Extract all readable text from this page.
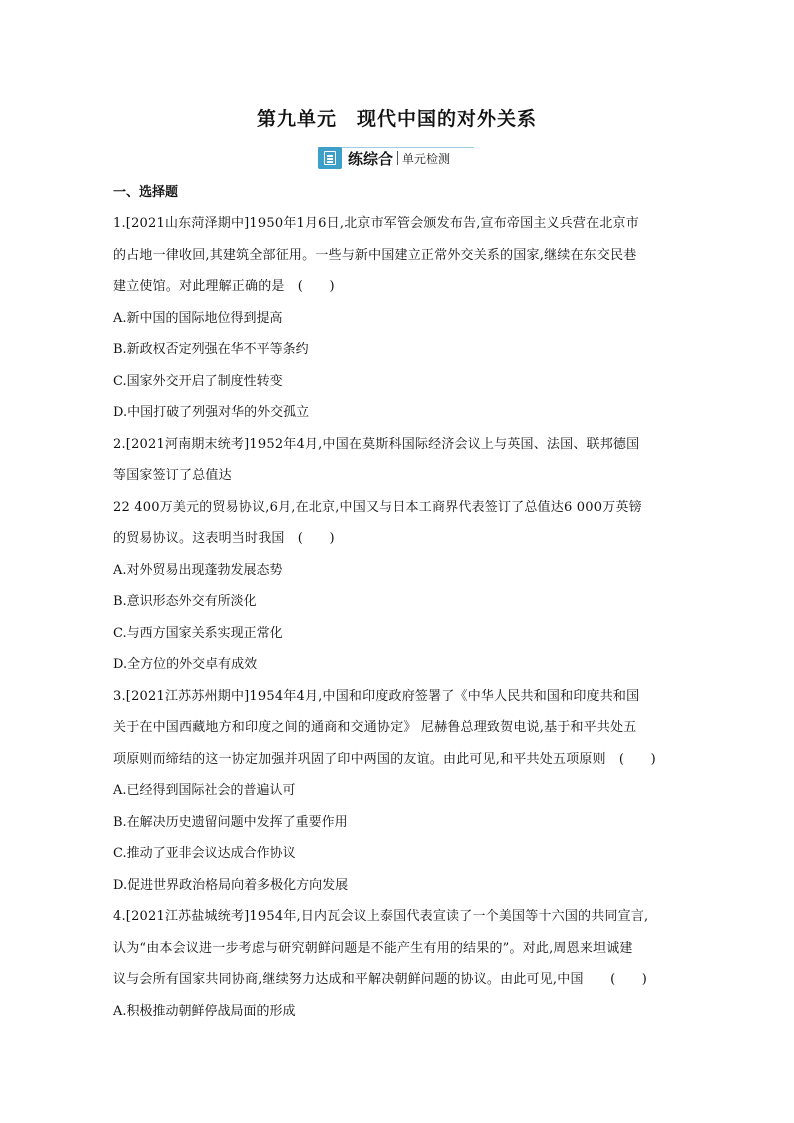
第九单元　现代中国的对外关系
练综合 单元检测
一、选择题
1.[2021山东菏泽期中]1950年1月6日,北京市军管会颁发布告,宣布帝国主义兵营在北京市
的占地一律收回,其建筑全部征用。一些与新中国建立正常外交关系的国家,继续在东交民巷
建立使馆。对此理解正确的是　(　　)
A.新中国的国际地位得到提高
B.新政权否定列强在华不平等条约
C.国家外交开启了制度性转变
D.中国打破了列强对华的外交孤立
2.[2021河南期末统考]1952年4月,中国在莫斯科国际经济会议上与英国、法国、联邦德国
等国家签订了总值达
22 400万美元的贸易协议,6月,在北京,中国又与日本工商界代表签订了总值达6 000万英镑
的贸易协议。这表明当时我国　(　　)
A.对外贸易出现蓬勃发展态势
B.意识形态外交有所淡化
C.与西方国家关系实现正常化
D.全方位的外交卓有成效
3.[2021江苏苏州期中]1954年4月,中国和印度政府签署了《中华人民共和国和印度共和国
关于在中国西藏地方和印度之间的通商和交通协定》 尼赫鲁总理致贺电说,基于和平共处五
项原则而缔结的这一协定加强并巩固了印中两国的友谊。由此可见,和平共处五项原则　(　　)
A.已经得到国际社会的普遍认可
B.在解决历史遗留问题中发挥了重要作用
C.推动了亚非会议达成合作协议
D.促进世界政治格局向着多极化方向发展
4.[2021江苏盐城统考]1954年,日内瓦会议上泰国代表宣读了一个美国等十六国的共同宣言,
认为“由本会议进一步考虑与研究朝鲜问题是不能产生有用的结果的”。对此,周恩来坦诚建
议与会所有国家共同协商,继续努力达成和平解决朝鲜问题的协议。由此可见,中国　　(　　)
A.积极推动朝鲜停战局面的形成
